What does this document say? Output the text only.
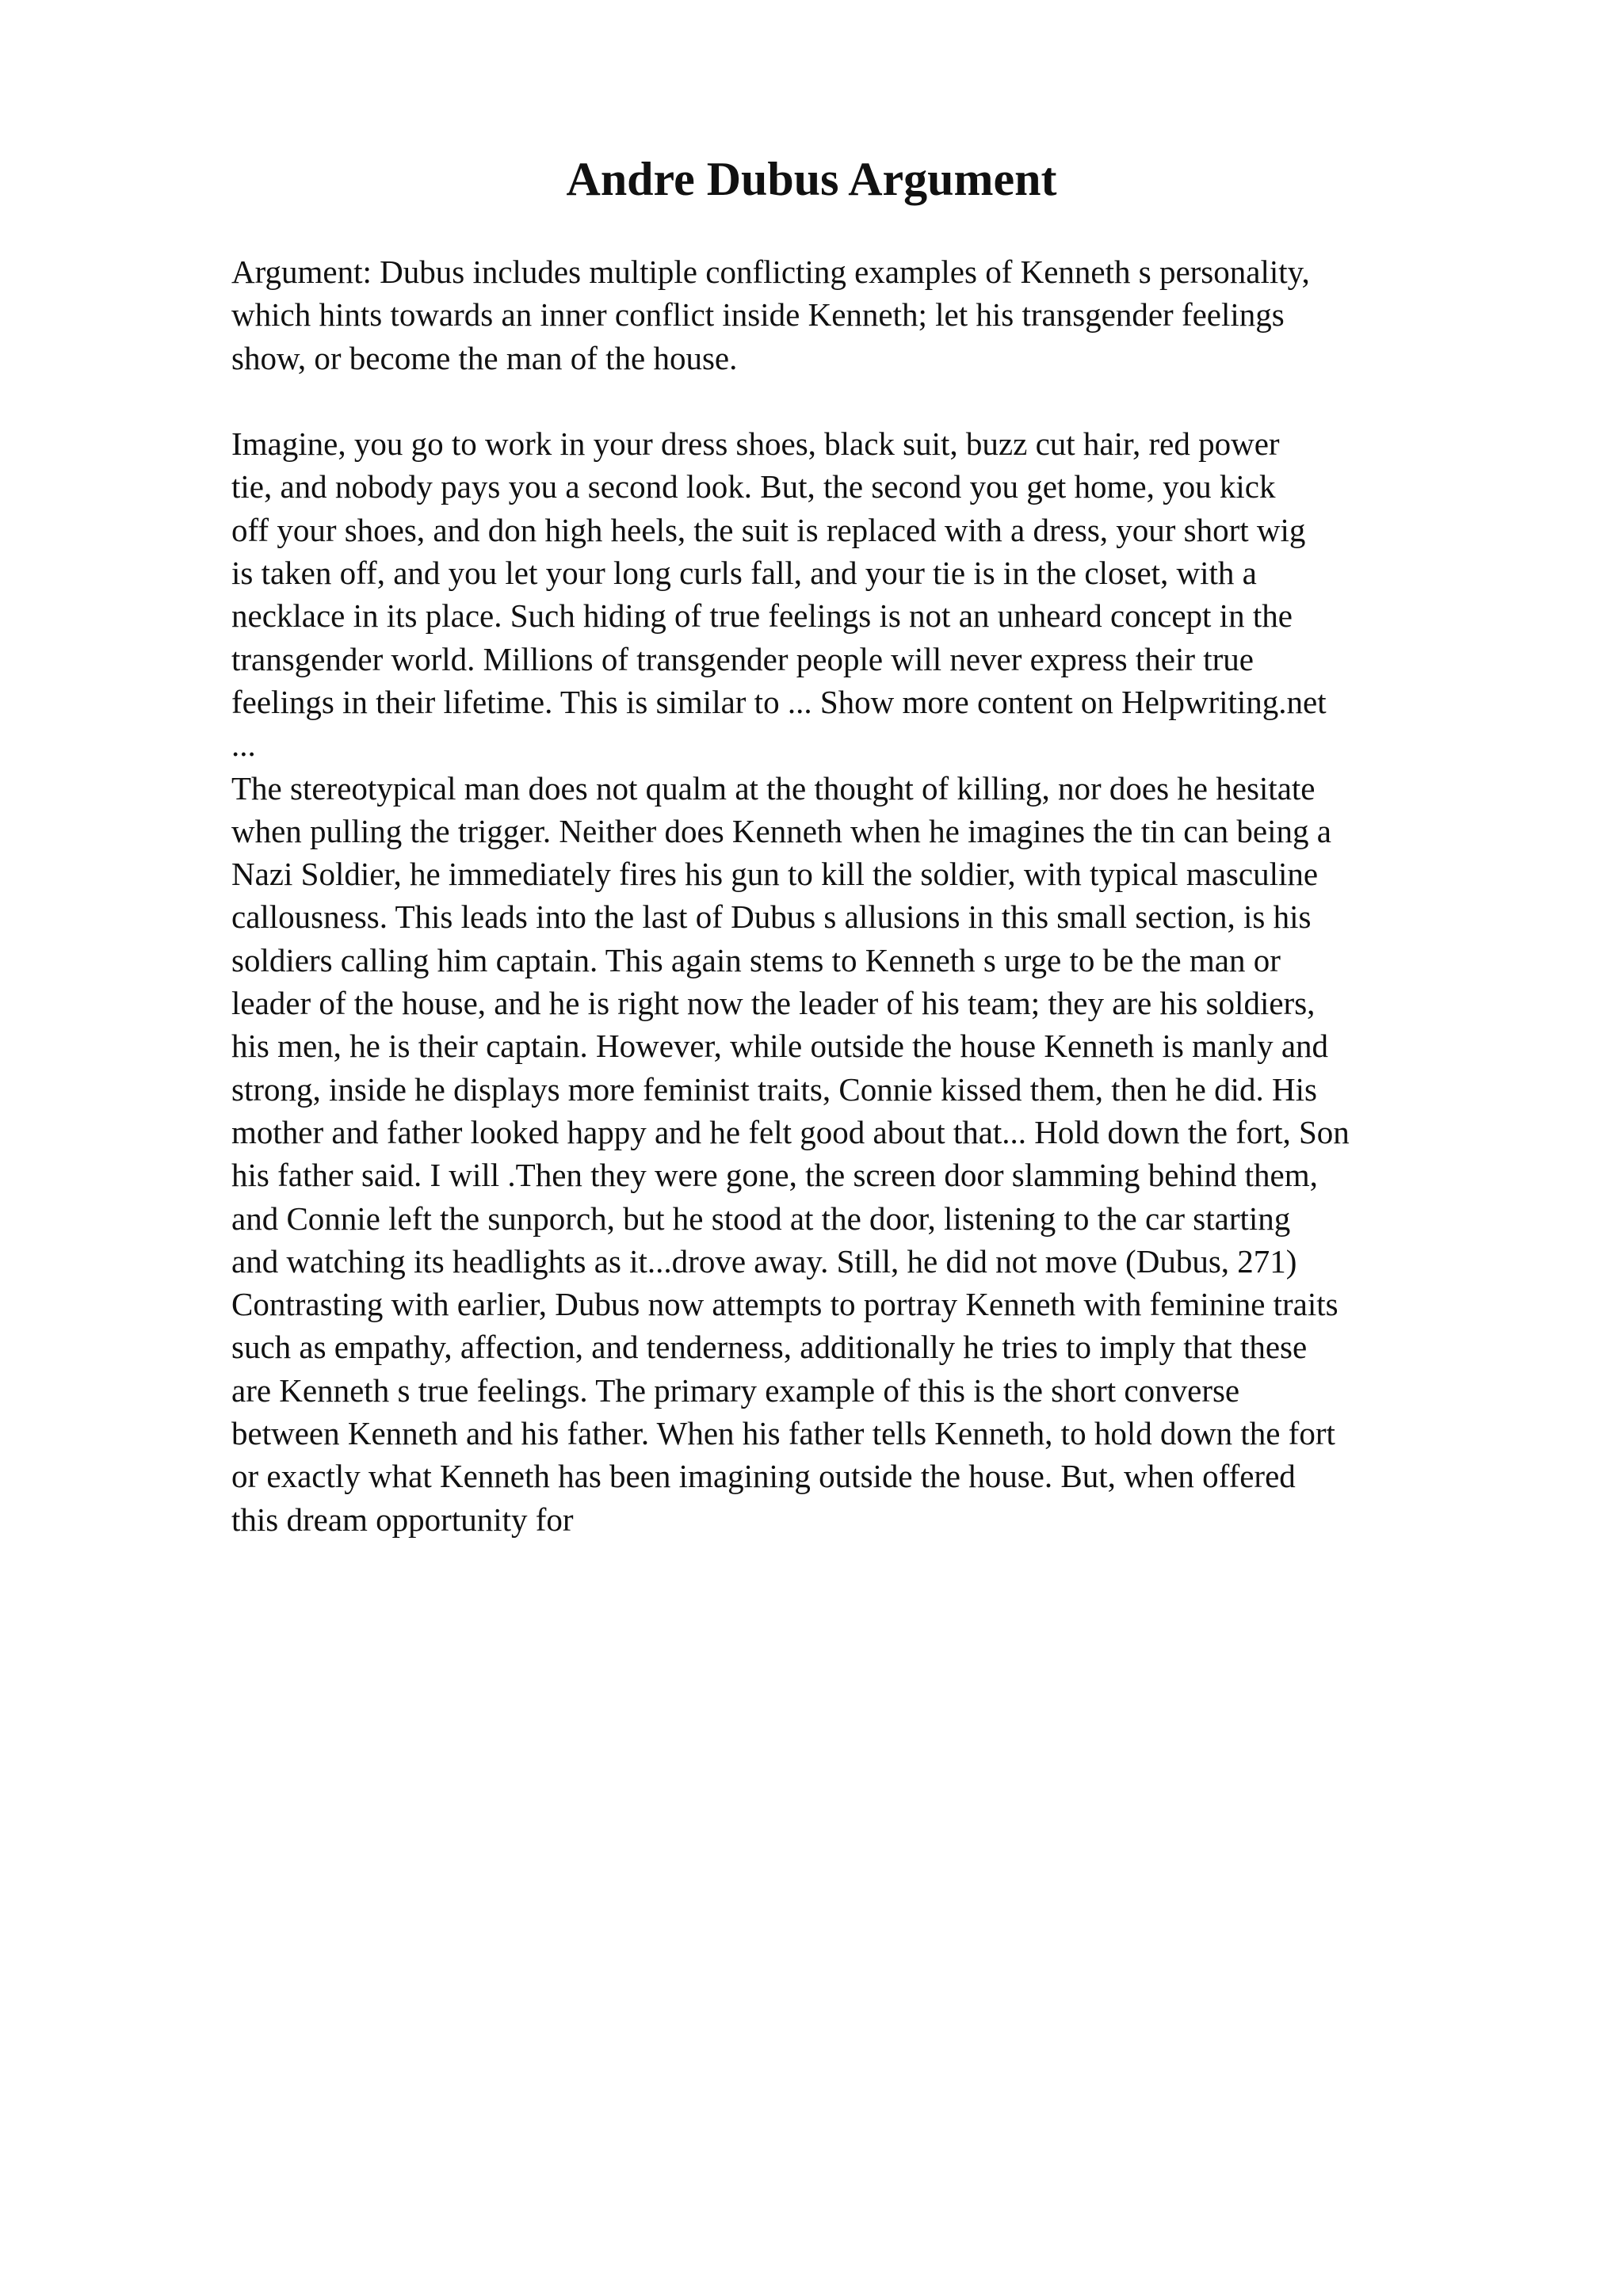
Andre Dubus Argument
Argument: Dubus includes multiple conflicting examples of Kenneth s personality,
which hints towards an inner conflict inside Kenneth; let his transgender feelings
show, or become the man of the house.
Imagine, you go to work in your dress shoes, black suit, buzz cut hair, red power
tie, and nobody pays you a second look. But, the second you get home, you kick
off your shoes, and don high heels, the suit is replaced with a dress, your short wig
is taken off, and you let your long curls fall, and your tie is in the closet, with a
necklace in its place. Such hiding of true feelings is not an unheard concept in the
transgender world. Millions of transgender people will never express their true
feelings in their lifetime. This is similar to ... Show more content on Helpwriting.net
...
The stereotypical man does not qualm at the thought of killing, nor does he hesitate
when pulling the trigger. Neither does Kenneth when he imagines the tin can being a
Nazi Soldier, he immediately fires his gun to kill the soldier, with typical masculine
callousness. This leads into the last of Dubus s allusions in this small section, is his
soldiers calling him captain. This again stems to Kenneth s urge to be the man or
leader of the house, and he is right now the leader of his team; they are his soldiers,
his men, he is their captain. However, while outside the house Kenneth is manly and
strong, inside he displays more feminist traits, Connie kissed them, then he did. His
mother and father looked happy and he felt good about that... Hold down the fort, Son
his father said. I will .Then they were gone, the screen door slamming behind them,
and Connie left the sunporch, but he stood at the door, listening to the car starting
and watching its headlights as it...drove away. Still, he did not move (Dubus, 271)
Contrasting with earlier, Dubus now attempts to portray Kenneth with feminine traits
such as empathy, affection, and tenderness, additionally he tries to imply that these
are Kenneth s true feelings. The primary example of this is the short converse
between Kenneth and his father. When his father tells Kenneth, to hold down the fort
or exactly what Kenneth has been imagining outside the house. But, when offered
this dream opportunity for
